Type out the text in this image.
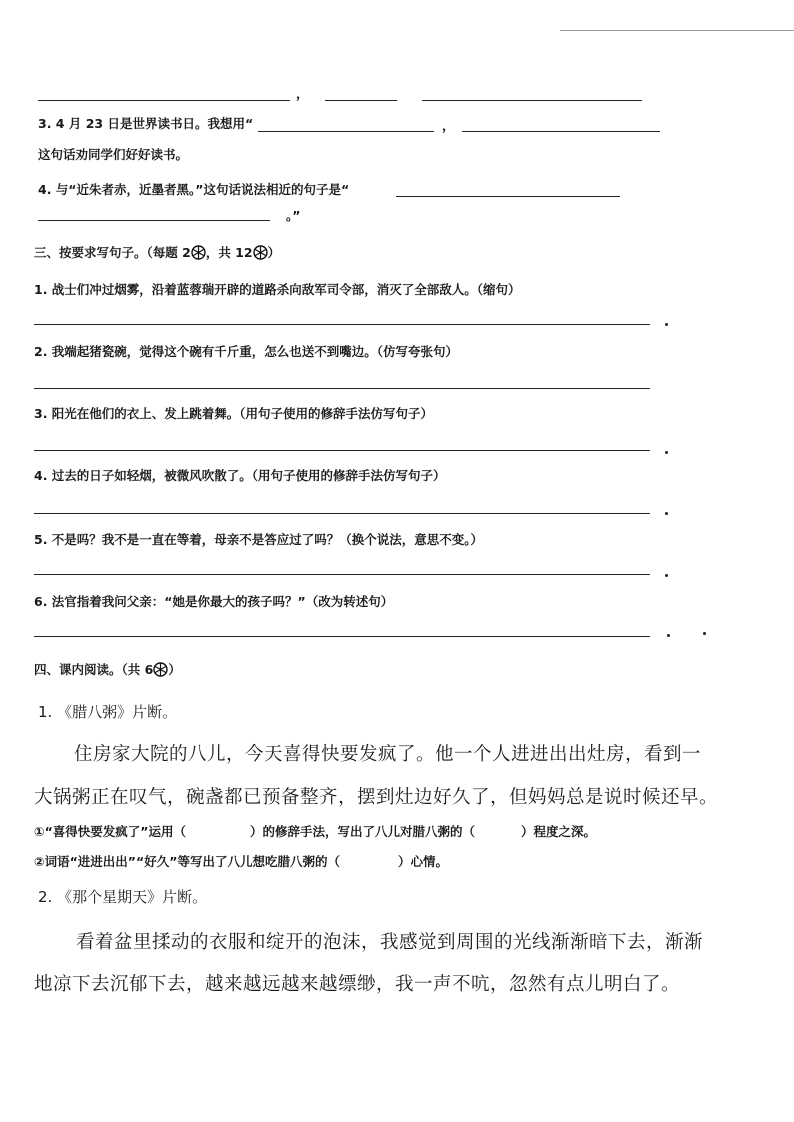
，
3. 4 月 23 日是世界读书日。我想用“	，
这句话劝同学们好好读书。
4. 与“近朱者赤，近墨者黑。”这句话说法相近的句子是“
。”
三、按要求写句子。（每题 2 ，共 12 ）
1. 战士们冲过烟雾，沿着蓝蓉瑞开辟的道路杀向敌军司令部，消灭了全部敌人。（缩句）
2. 我端起猪瓷碗，觉得这个碗有千斤重，怎么也送不到嘴边。（仿写夸张句）
3. 阳光在他们的衣上、发上跳着舞。（用句子使用的修辞手法仿写句子）
4. 过去的日子如轻烟，被微风吹散了。（用句子使用的修辞手法仿写句子）
5. 不是吗？我不是一直在等着，母亲不是答应过了吗？（换个说法，意思不变。）
6. 法官指着我问父亲：“她是你最大的孩子吗？”（改为转述句）
四、课内阅读。（共 6 ）
1. 《腊八粥》片断。
住房家大院的八儿，今天喜得快要发疯了。他一个人进进出出灶房，看到一
大锅粥正在叹气，碗盏都已预备整齐，摆到灶边好久了，但妈妈总是说时候还早。
①“喜得快要发疯了”运用（	）的修辞手法，写出了八儿对腊八粥的（	）程度之深。
②词语“进进出出”“好久”等写出了八儿想吃腊八粥的（	）心情。
2. 《那个星期天》片断。
看着盆里揉动的衣服和绽开的泡沫，我感觉到周围的光线渐渐暗下去，渐渐
地凉下去沉郁下去，越来越远越来越缥缈，我一声不吭，忽然有点儿明白了。
